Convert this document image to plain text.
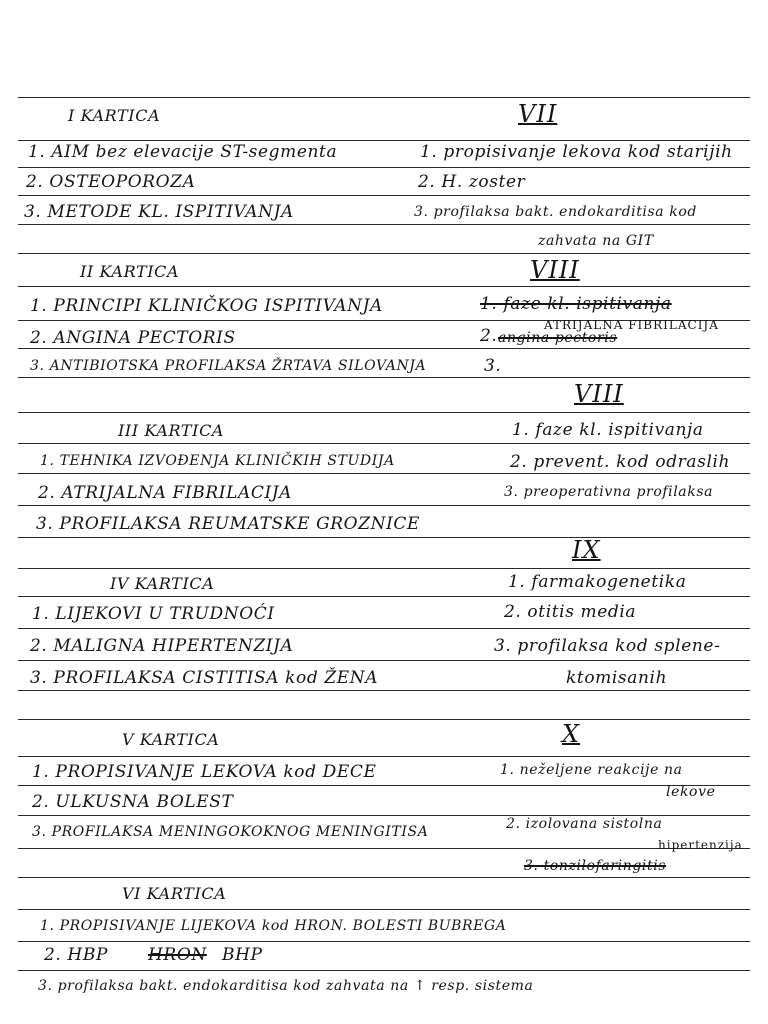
I KARTICA
1. AIM bez elevacije ST-segmenta
2. OSTEOPOROZA
3. METODE KL. ISPITIVANJA
II KARTICA
1. PRINCIPI KLINIČKOG ISPITIVANJA
2. ANGINA PECTORIS
3. ANTIBIOTSKA PROFILAKSA ŽRTAVA SILOVANJA
III KARTICA
1. TEHNIKA IZVOĐENJA KLINIČKIH STUDIJA
2. ATRIJALNA FIBRILACIJA
3. PROFILAKSA REUMATSKE GROZNICE
IV KARTICA
1. LIJEKOVI U TRUDNOĆI
2. MALIGNA HIPERTENZIJA
3. PROFILAKSA CISTITISA kod ŽENA
V KARTICA
1. PROPISIVANJE LEKOVA kod DECE
2. ULKUSNA BOLEST
3. PROFILAKSA MENINGOKOKNOG MENINGITISA
VI KARTICA
1. PROPISIVANJE LIJEKOVA kod HRON. BOLESTI BUBREGA
2. HBP HRON BHP
3. profilaksa bakt. endokarditisa kod zahvata na ↑ resp. sistema
VII
1. propisivanje lekova kod starijih
2. H. zoster
3. profilaksa bakt. endokarditisa kod
zahvata na GIT
VIII
1. faze kl. ispitivanja
2. angina pectoris
ATRIJALNA FIBRILACIJA
3.
VIII
1. faze kl. ispitivanja
2. prevent. kod odraslih
3. preoperativna profilaksa
IX
1. farmakogenetika
2. otitis media
3. profilaksa kod splene-
ktomisanih
X
1. neželjene reakcije na
lekove
2. izolovana sistolna
hipertenzija
3. tonzilofaringitis
